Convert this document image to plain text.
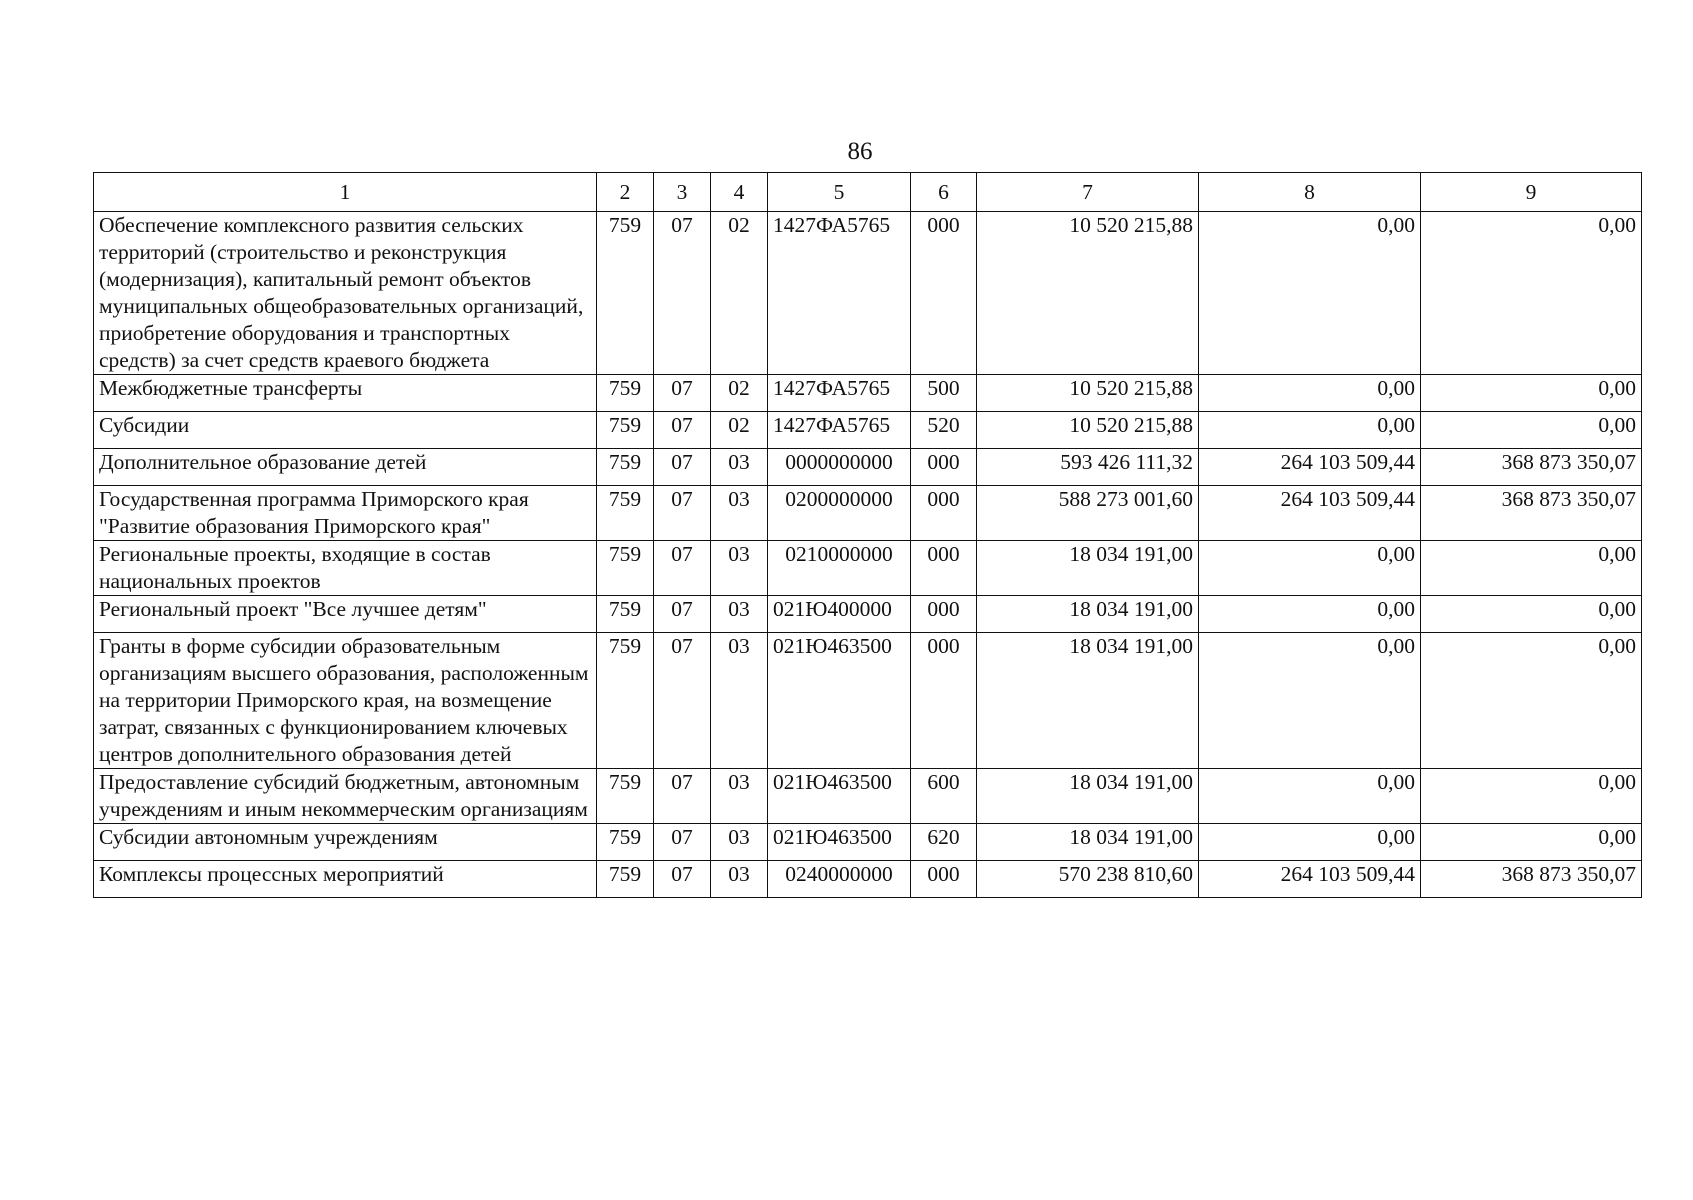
86
1	2	3	4	5	6	7	8	9
Обеспечение комплексного развития сельских территорий (строительство и реконструкция (модернизация), капитальный ремонт объектов муниципальных общеобразовательных организаций, приобретение оборудования и транспортных средств) за счет средств краевого бюджета	759	07	02	1427ФА5765	000	10 520 215,88	0,00	0,00
Межбюджетные трансферты	759	07	02	1427ФА5765	500	10 520 215,88	0,00	0,00
Субсидии	759	07	02	1427ФА5765	520	10 520 215,88	0,00	0,00
Дополнительное образование детей	759	07	03	0000000000	000	593 426 111,32	264 103 509,44	368 873 350,07
Государственная программа Приморского края "Развитие образования Приморского края"	759	07	03	0200000000	000	588 273 001,60	264 103 509,44	368 873 350,07
Региональные проекты, входящие в состав национальных проектов	759	07	03	0210000000	000	18 034 191,00	0,00	0,00
Региональный проект "Все лучшее детям"	759	07	03	021Ю400000	000	18 034 191,00	0,00	0,00
Гранты в форме субсидии образовательным организациям высшего образования, расположенным на территории Приморского края, на возмещение затрат, связанных с функционированием ключевых центров дополнительного образования детей	759	07	03	021Ю463500	000	18 034 191,00	0,00	0,00
Предоставление субсидий бюджетным, автономным учреждениям и иным некоммерческим организациям	759	07	03	021Ю463500	600	18 034 191,00	0,00	0,00
Субсидии автономным учреждениям	759	07	03	021Ю463500	620	18 034 191,00	0,00	0,00
Комплексы процессных мероприятий	759	07	03	0240000000	000	570 238 810,60	264 103 509,44	368 873 350,07
